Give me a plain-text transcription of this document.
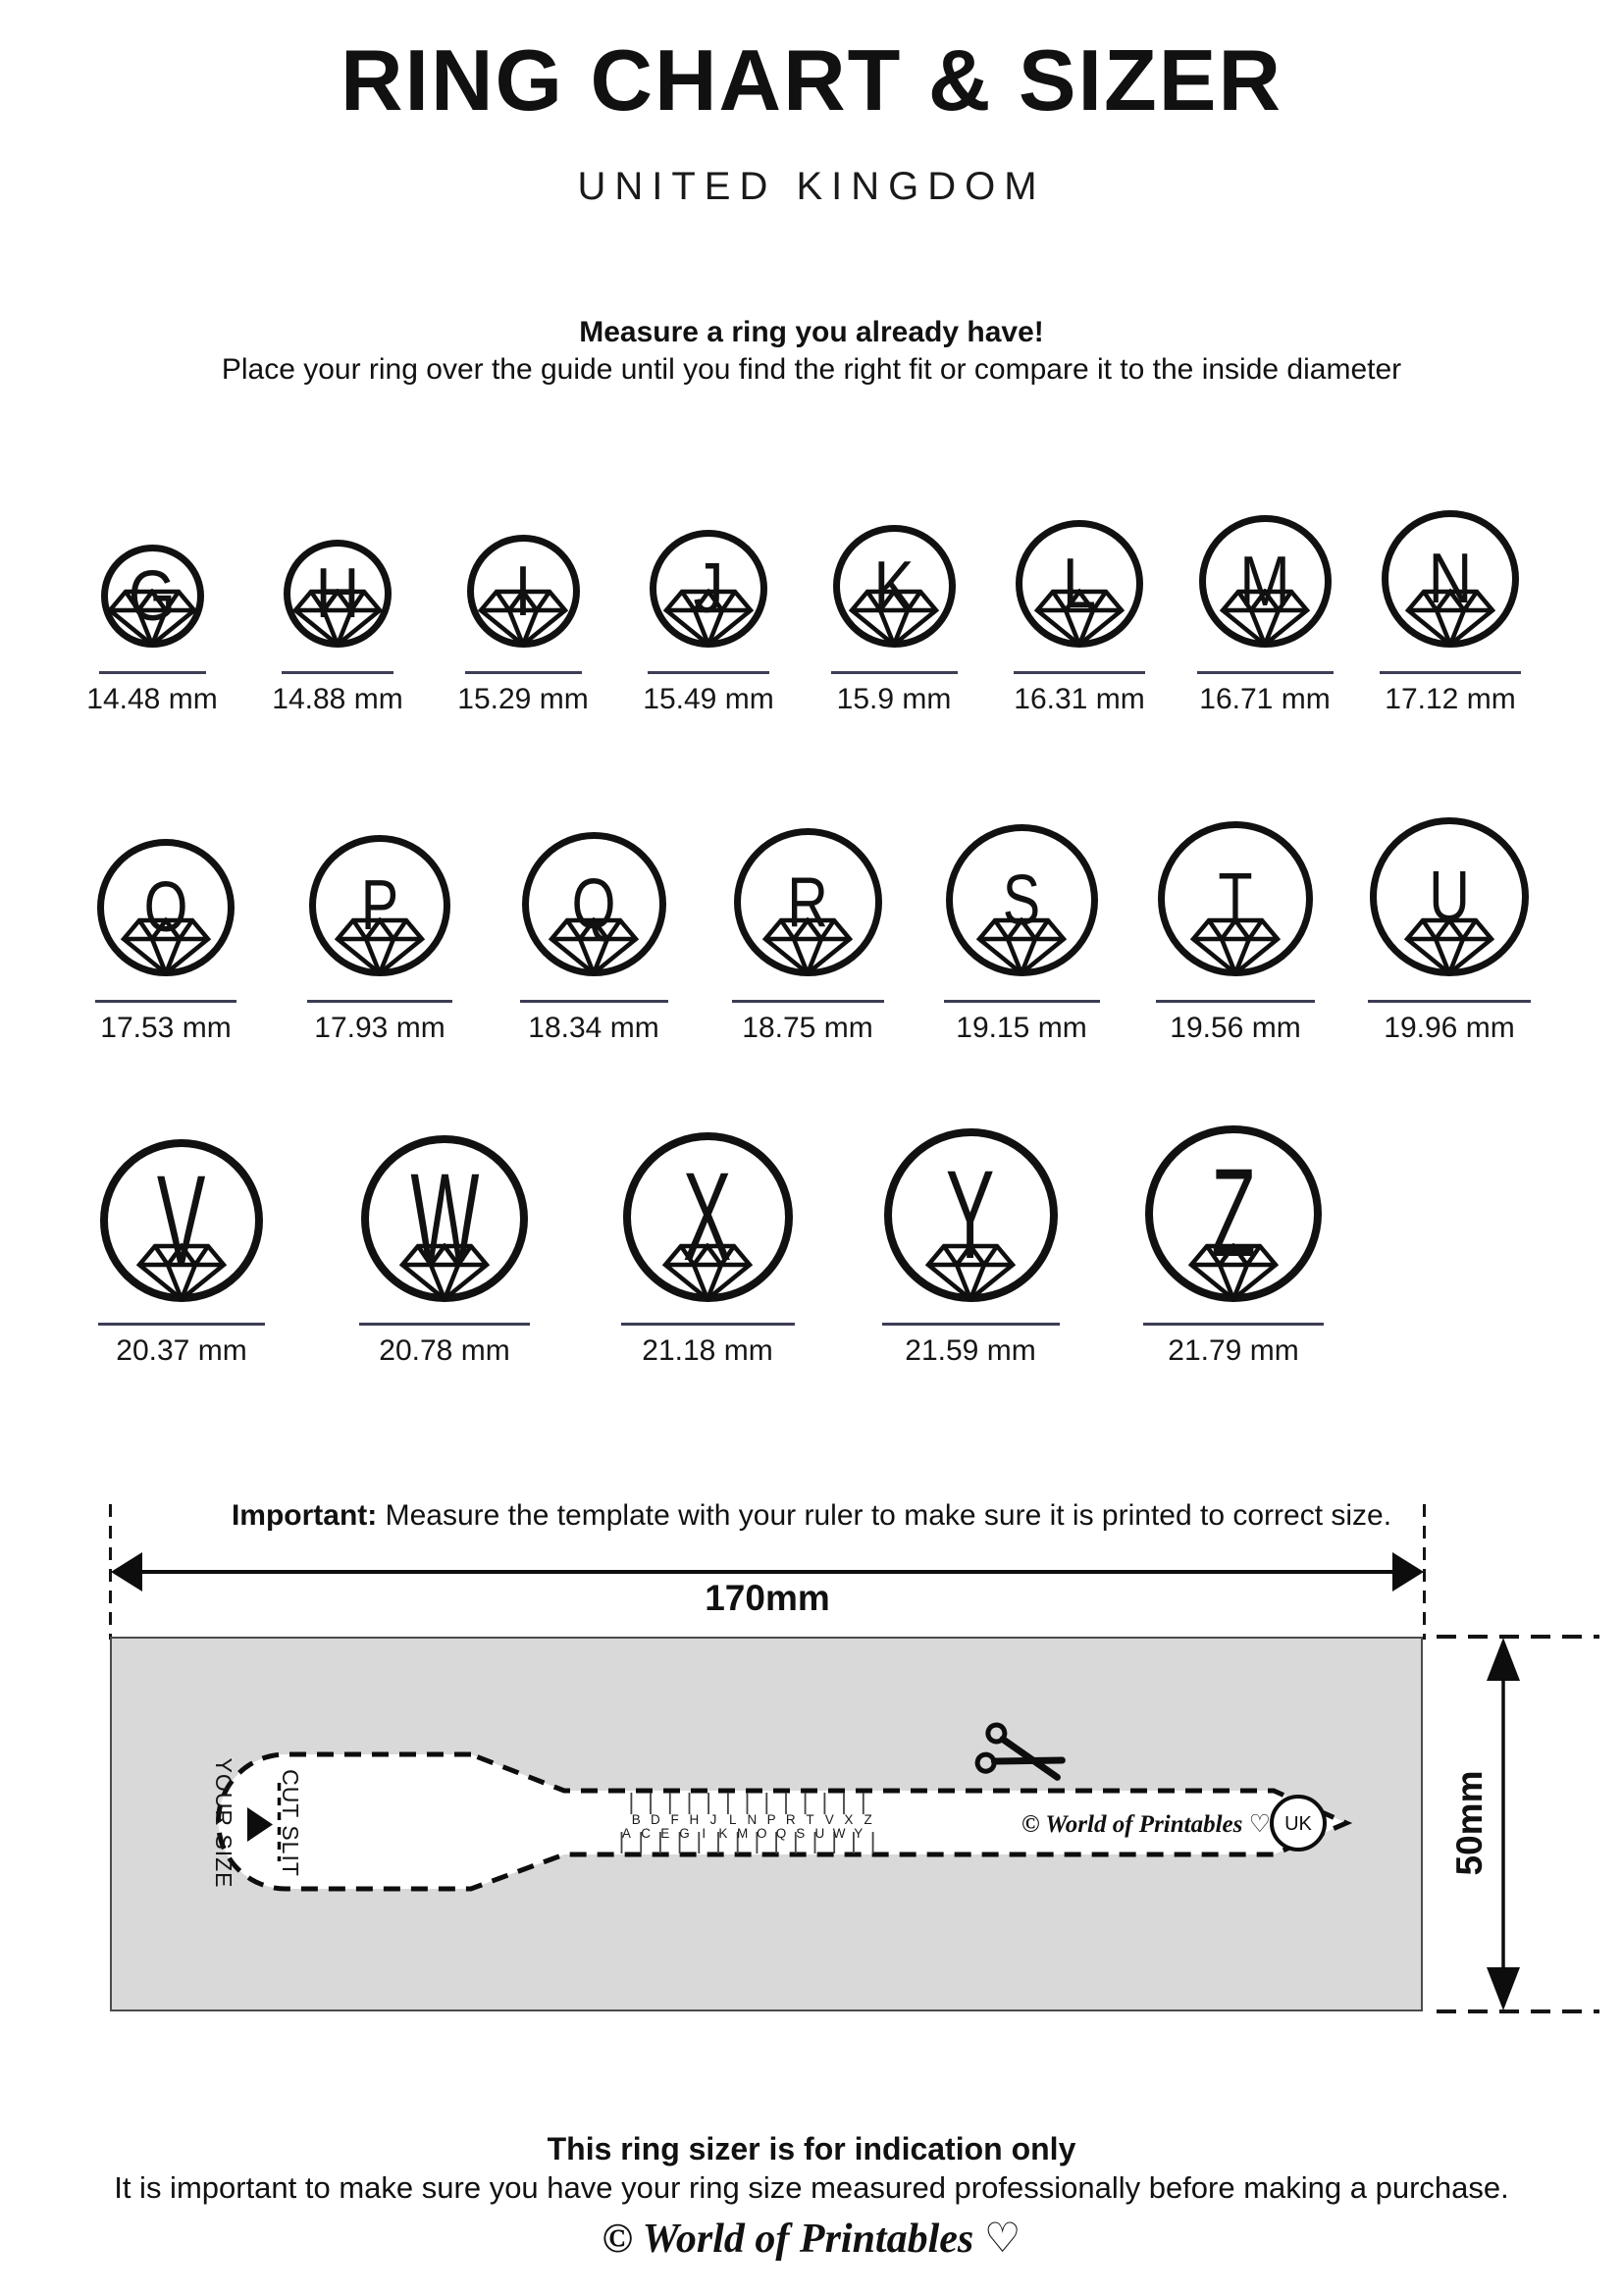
RING CHART & SIZER
UNITED KINGDOM
Measure a ring you already have!
Place your ring over the guide until you find the right fit or compare it to the inside diameter
G
14.48 mm
H
14.88 mm
I
15.29 mm
J
15.49 mm
K
15.9 mm
L
16.31 mm
M
16.71 mm
N
17.12 mm
O
17.53 mm
P
17.93 mm
Q
18.34 mm
R
18.75 mm
S
19.15 mm
T
19.56 mm
U
19.96 mm
V
20.37 mm
W
20.78 mm
X
21.18 mm
Y
21.59 mm
Z
21.79 mm
Important: Measure the template with your ruler to make sure it is printed to correct size.
170mm
YOUR SIZE CUT SLIT	A
B
C
D
E
F
G
H
I
J
K
L
M
N
O
P
Q
R
S
T
U
V
W
X
Y
Z	© World of Printables ♡ UK	50mm
This ring sizer is for indication only
It is important to make sure you have your ring size measured professionally before making a purchase.
© World of Printables ♡
